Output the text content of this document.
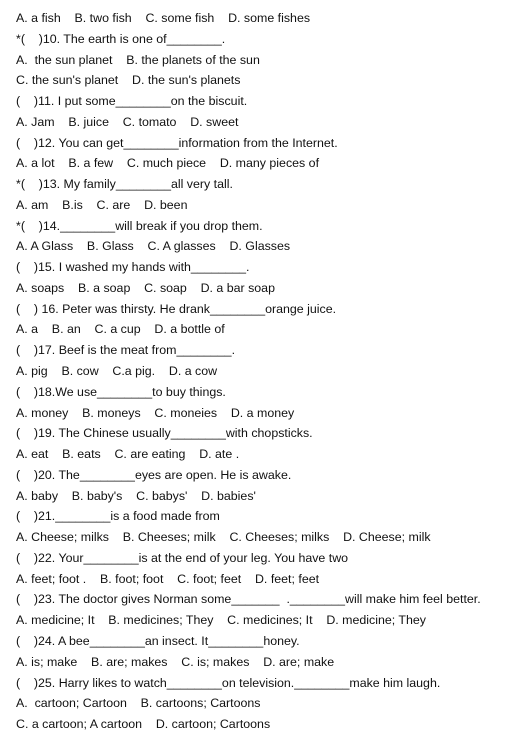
A. a fish    B. two fish    C. some fish    D. some fishes
*(    )10. The earth is one of________.
A.  the sun planet    B. the planets of the sun
C. the sun's planet    D. the sun's planets
(    )11. I put some________on the biscuit.
A. Jam    B. juice    C. tomato    D. sweet
(    )12. You can get________information from the Internet.
A. a lot    B. a few    C. much piece    D. many pieces of
*(    )13. My family________all very tall.
A. am    B.is    C. are    D. been
*(    )14.________will break if you drop them.
A. A Glass    B. Glass    C. A glasses    D. Glasses
(    )15. I washed my hands with________.
A. soaps    B. a soap    C. soap    D. a bar soap
(    ) 16. Peter was thirsty. He drank________orange juice.
A. a    B. an    C. a cup    D. a bottle of
(    )17. Beef is the meat from________.
A. pig    B. cow    C.a pig.    D. a cow
(    )18.We use________to buy things.
A. money    B. moneys    C. moneies    D. a money
(    )19. The Chinese usually________with chopsticks.
A. eat    B. eats    C. are eating    D. ate .
(    )20. The________eyes are open. He is awake.
A. baby    B. baby's    C. babys'    D. babies'
(    )21.________is a food made from
A. Cheese; milks    B. Cheeses; milk    C. Cheeses; milks    D. Cheese; milk
(    )22. Your________is at the end of your leg. You have two
A. feet; foot .    B. foot; foot    C. foot; feet    D. feet; feet
(    )23. The doctor gives Norman some_______  .________will make him feel better.
A. medicine; It    B. medicines; They    C. medicines; It    D. medicine; They
(    )24. A bee________an insect. It________honey.
A. is; make    B. are; makes    C. is; makes    D. are; make
(    )25. Harry likes to watch________on television.________make him laugh.
A.  cartoon; Cartoon    B. cartoons; Cartoons
C. a cartoon; A cartoon    D. cartoon; Cartoons
